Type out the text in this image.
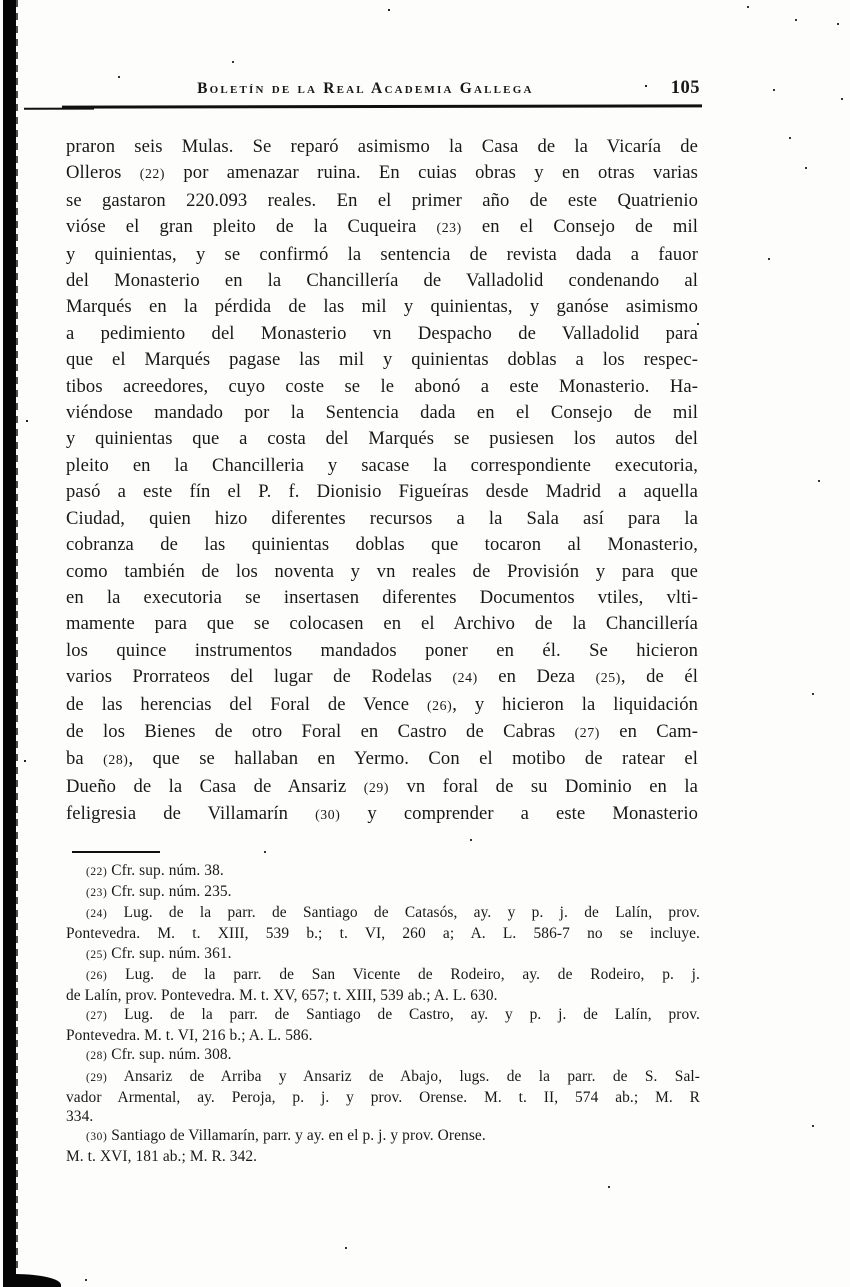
Boletín de la Real Academia Gallega	105
praron seis Mulas. Se reparó asimismo la Casa de la Vicaría de
Olleros (22) por amenazar ruina. En cuias obras y en otras varias
se gastaron 220.093 reales. En el primer año de este Quatrienio
vióse el gran pleito de la Cuqueira (23) en el Consejo de mil
y quinientas, y se confirmó la sentencia de revista dada a fauor
del Monasterio en la Chancillería de Valladolid condenando al
Marqués en la pérdida de las mil y quinientas, y ganóse asimismo
a pedimiento del Monasterio vn Despacho de Valladolid para
que el Marqués pagase las mil y quinientas doblas a los respec-
tibos acreedores, cuyo coste se le abonó a este Monasterio. Ha-
viéndose mandado por la Sentencia dada en el Consejo de mil
y quinientas que a costa del Marqués se pusiesen los autos del
pleito en la Chancilleria y sacase la correspondiente executoria,
pasó a este fín el P. f. Dionisio Figueíras desde Madrid a aquella
Ciudad, quien hizo diferentes recursos a la Sala así para la
cobranza de las quinientas doblas que tocaron al Monasterio,
como también de los noventa y vn reales de Provisión y para que
en la executoria se insertasen diferentes Documentos vtiles, vlti-
mamente para que se colocasen en el Archivo de la Chancillería
los quince instrumentos mandados poner en él. Se hicieron
varios Prorrateos del lugar de Rodelas (24) en Deza (25), de él
de las herencias del Foral de Vence (26), y hicieron la liquidación
de los Bienes de otro Foral en Castro de Cabras (27) en Cam-
ba (28), que se hallaban en Yermo. Con el motibo de ratear el
Dueño de la Casa de Ansariz (29) vn foral de su Dominio en la
feligresia de Villamarín (30) y comprender a este Monasterio
(22) Cfr. sup. núm. 38.
(23) Cfr. sup. núm. 235.
(24) Lug. de la parr. de Santiago de Catasós, ay. y p. j. de Lalín, prov.
Pontevedra. M. t. XIII, 539 b.; t. VI, 260 a; A. L. 586-7 no se incluye.
(25) Cfr. sup. núm. 361.
(26) Lug. de la parr. de San Vicente de Rodeiro, ay. de Rodeiro, p. j.
de Lalín, prov. Pontevedra. M. t. XV, 657; t. XIII, 539 ab.; A. L. 630.
(27) Lug. de la parr. de Santiago de Castro, ay. y p. j. de Lalín, prov.
Pontevedra. M. t. VI, 216 b.; A. L. 586.
(28) Cfr. sup. núm. 308.
(29) Ansariz de Arriba y Ansariz de Abajo, lugs. de la parr. de S. Sal-
vador Armental, ay. Peroja, p. j. y prov. Orense. M. t. II, 574 ab.; M. R
334.
(30) Santiago de Villamarín, parr. y ay. en el p. j. y prov. Orense.
M. t. XVI, 181 ab.; M. R. 342.
